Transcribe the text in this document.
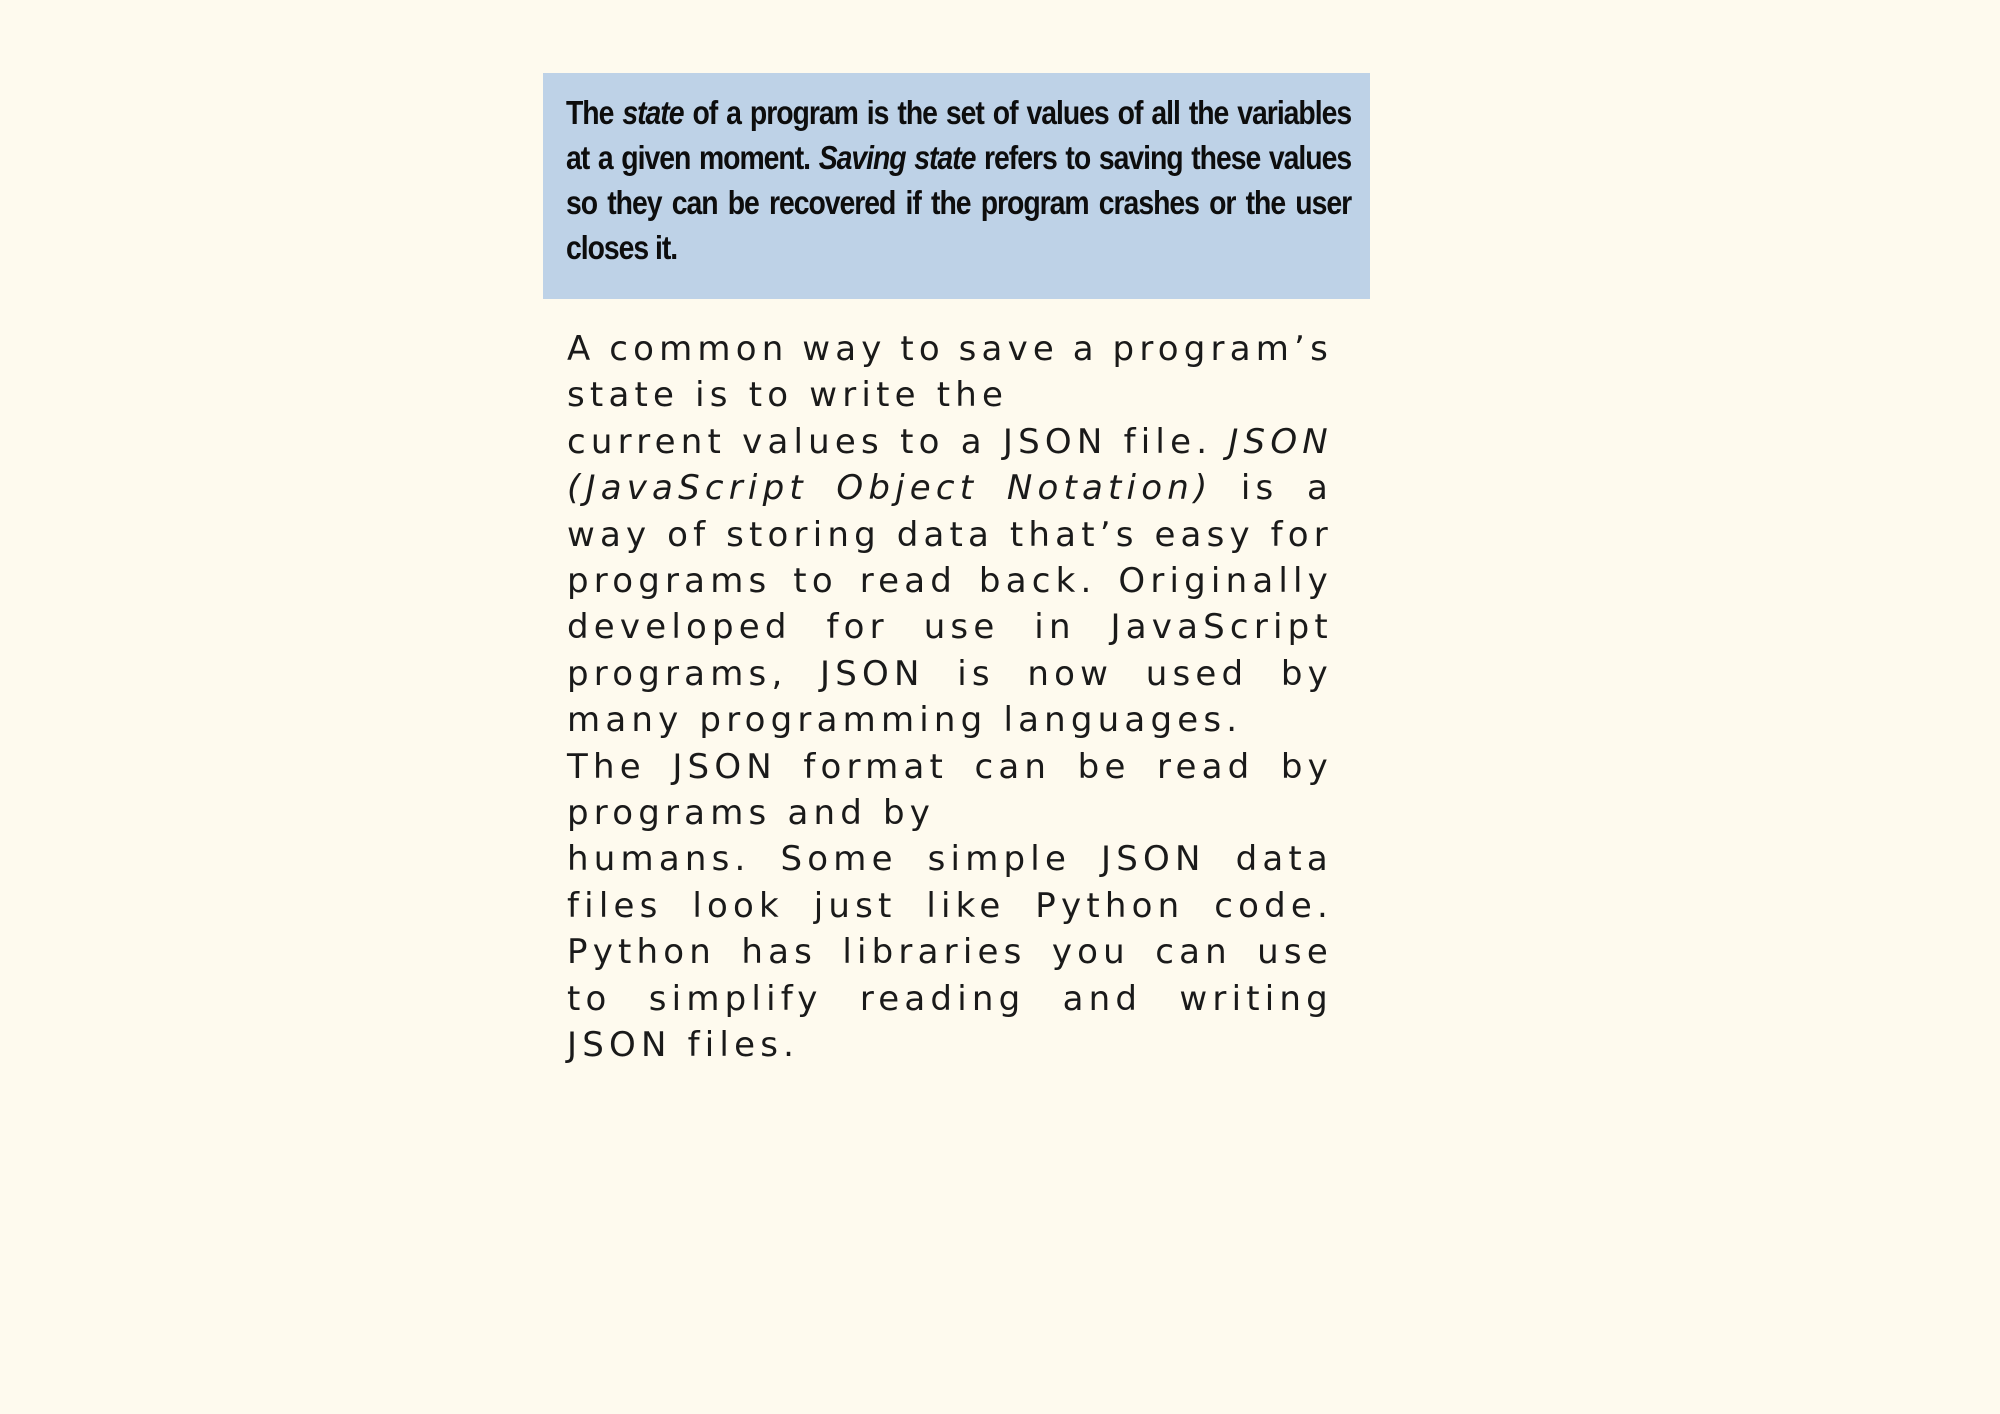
The state of a program is the set of values of all the variables at a given moment. Saving state refers to saving these values so they can be recovered if the program crashes or the user closes it.

A common way to save a program’s
state is to write the
current values to a JSON file. JSON
(JavaScript Object Notation) is a
way of storing data that’s easy for
programs to read back. Originally
developed for use in JavaScript
programs, JSON is now used by
many programming languages.
The JSON format can be read by
programs and by
humans. Some simple JSON data
files look just like Python code.
Python has libraries you can use
to simplify reading and writing
JSON files.
